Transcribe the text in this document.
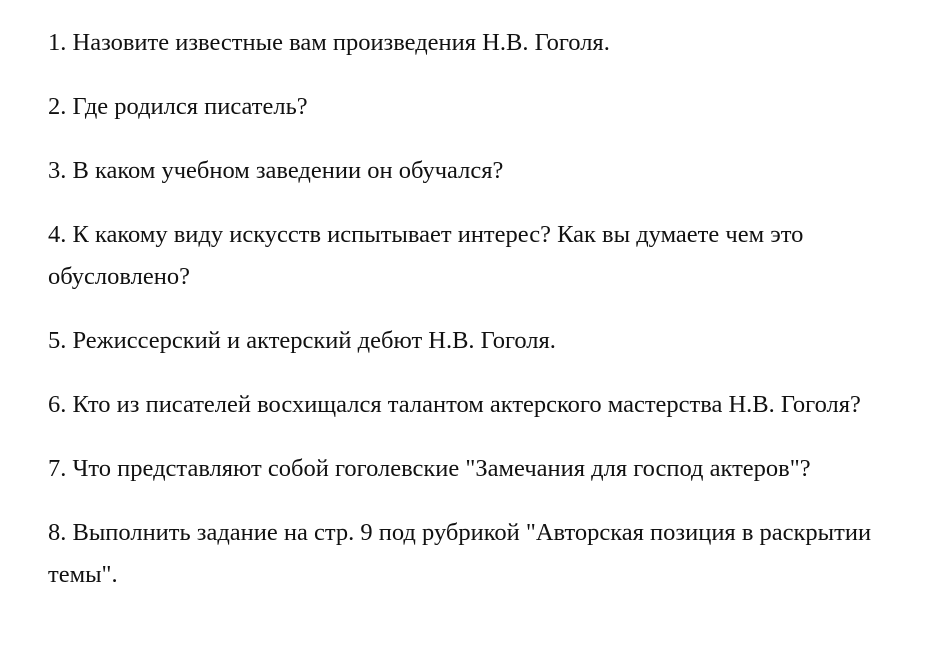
1. Назовите известные вам произведения Н.В. Гоголя.

2. Где родился писатель?

3. В каком учебном заведении он обучался?

4. К какому виду искусств испытывает интерес? Как вы думаете чем это обусловлено?

5. Режиссерский и актерский дебют Н.В. Гоголя.

6. Кто из писателей восхищался талантом актерского мастерства Н.В. Гоголя?

7. Что представляют собой гоголевские "Замечания для господ актеров"?

8. Выполнить задание на стр. 9 под рубрикой "Авторская позиция в раскрытии темы".
